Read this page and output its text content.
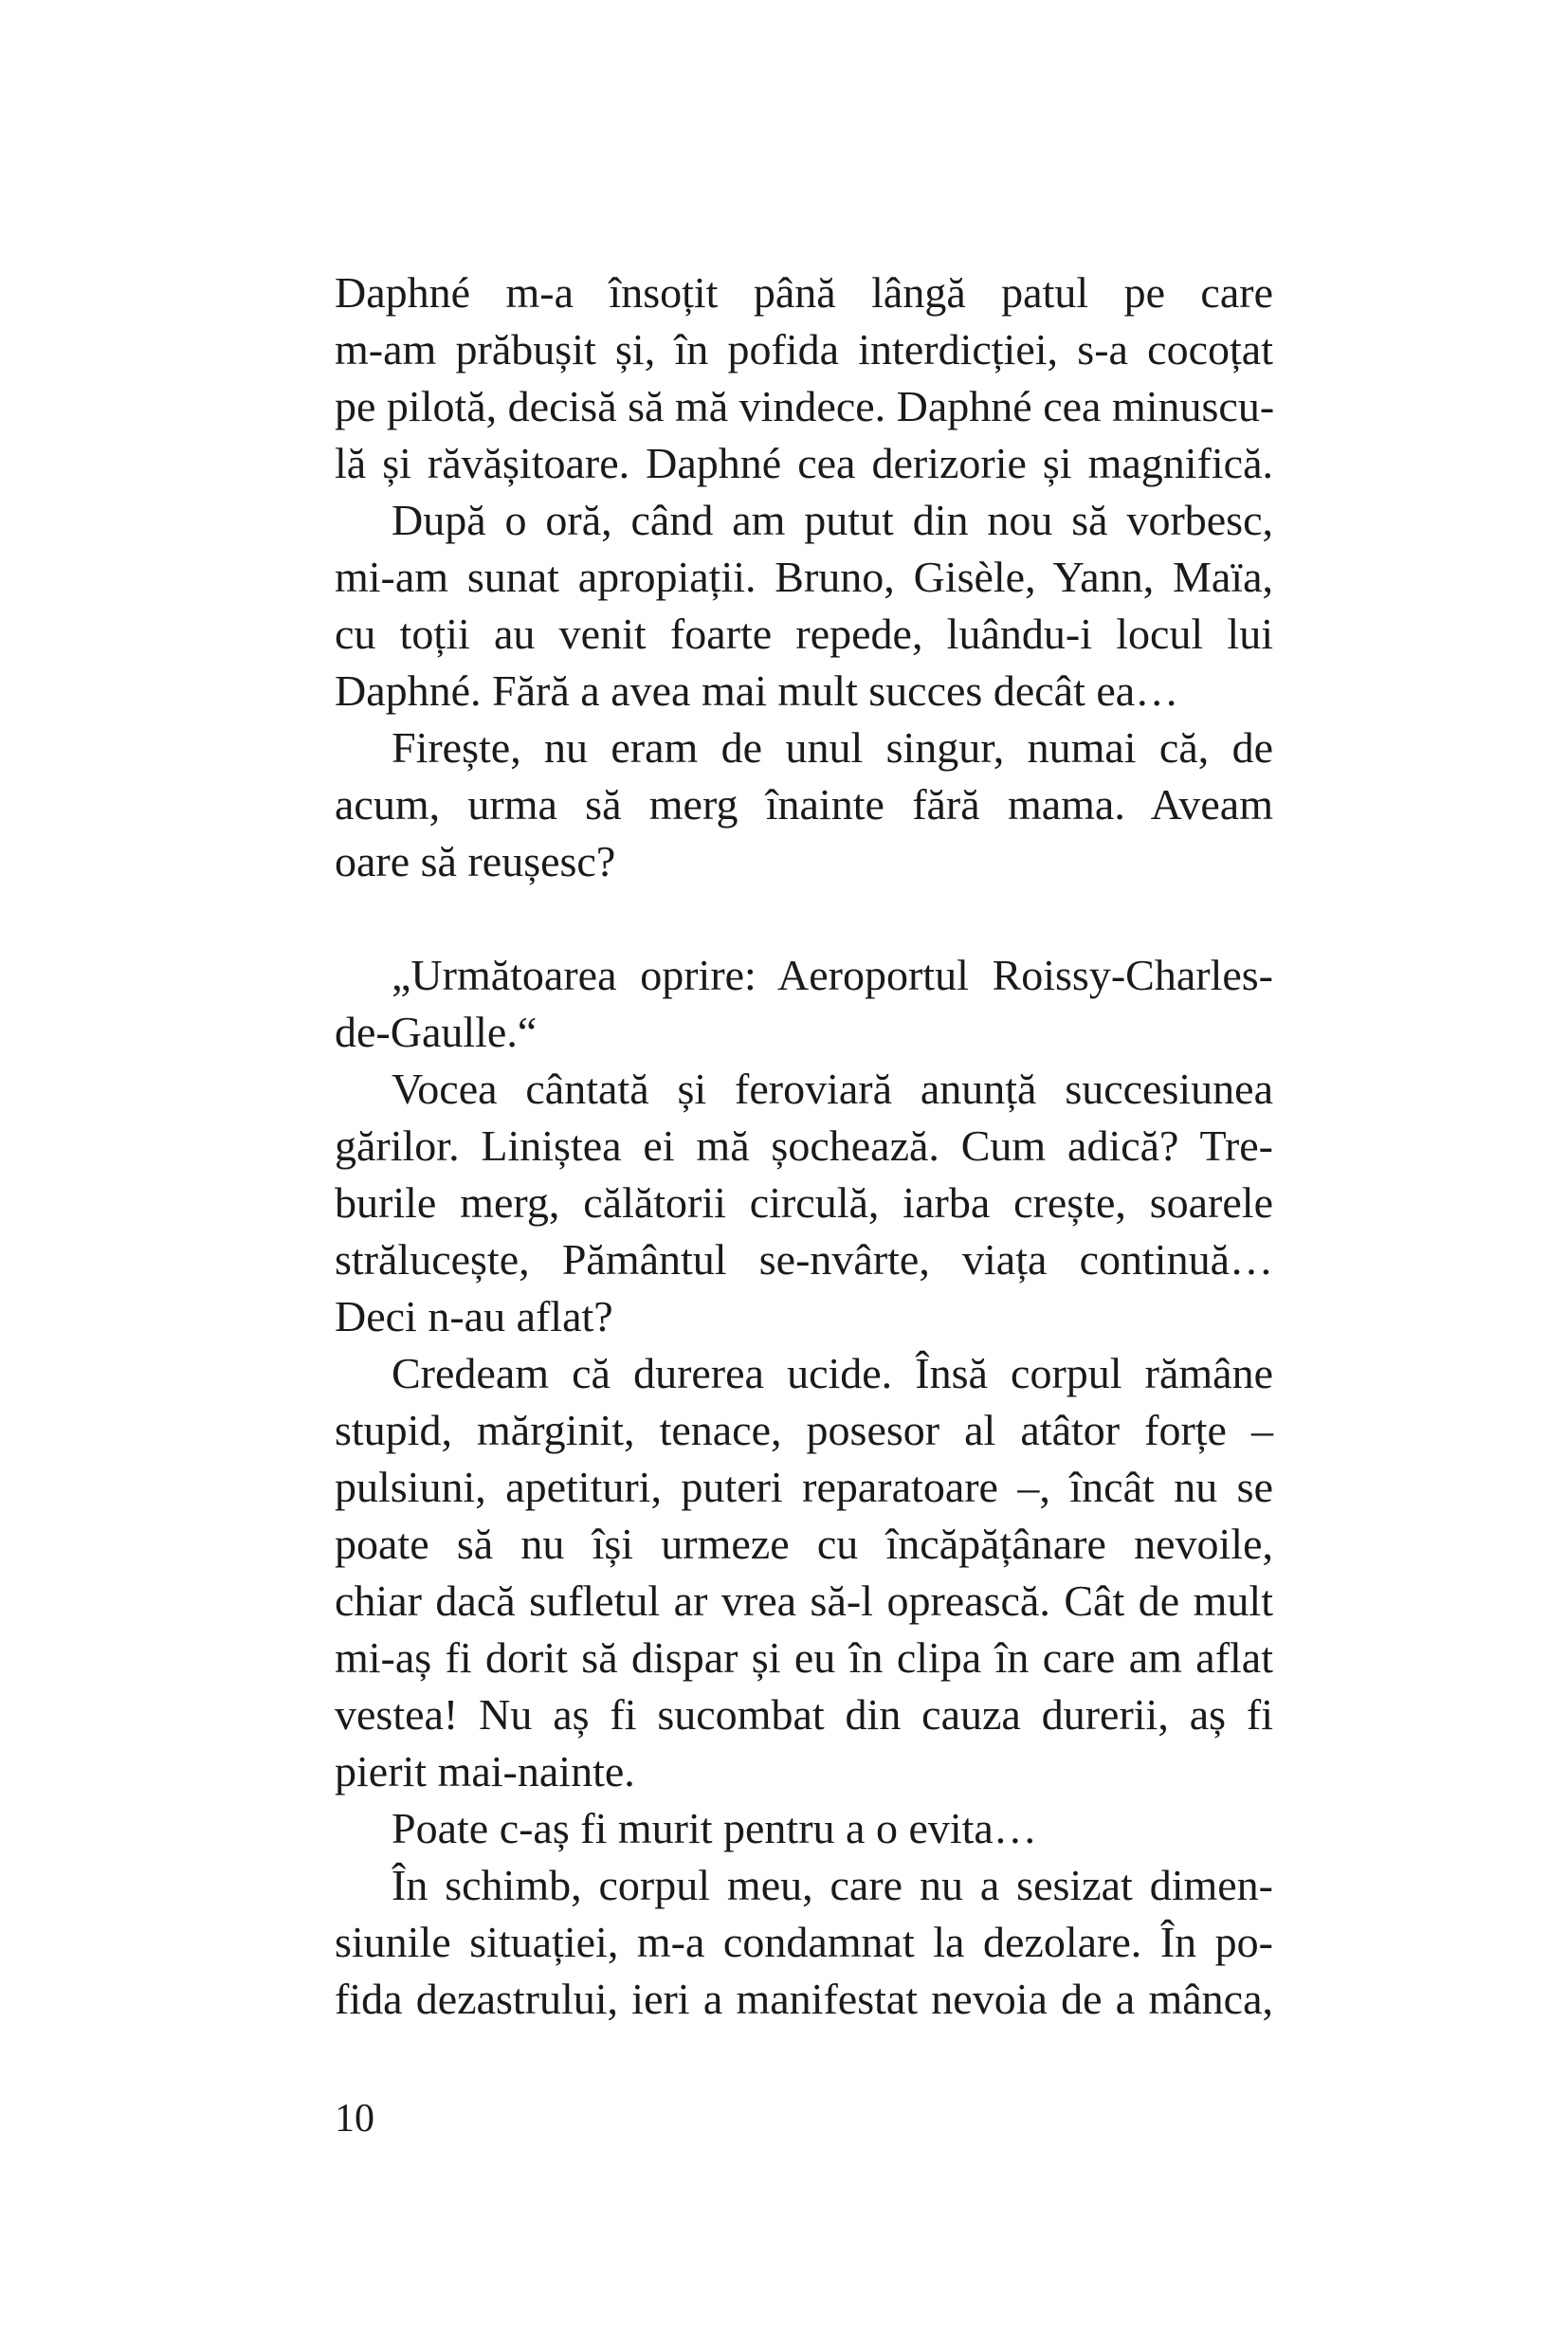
Daphné m-a însoțit până lângă patul pe care
m-am prăbușit și, în pofida interdicției, s-a cocoțat
pe pilotă, decisă să mă vindece. Daphné cea minuscu-
lă și răvășitoare. Daphné cea derizorie și magnifică.
După o oră, când am putut din nou să vorbesc,
mi-am sunat apropiații. Bruno, Gisèle, Yann, Maïa,
cu toții au venit foarte repede, luându-i locul lui
Daphné. Fără a avea mai mult succes decât ea…
Firește, nu eram de unul singur, numai că, de
acum, urma să merg înainte fără mama. Aveam
oare să reușesc?
„Următoarea oprire: Aeroportul Roissy-Charles-
de-Gaulle.“
Vocea cântată și feroviară anunță succesiunea
gărilor. Liniștea ei mă șochează. Cum adică? Tre-
burile merg, călătorii circulă, iarba crește, soarele
strălucește, Pământul se-nvârte, viața continuă…
Deci n-au aflat?
Credeam că durerea ucide. Însă corpul rămâne
stupid, mărginit, tenace, posesor al atâtor forțe –
pulsiuni, apetituri, puteri reparatoare –, încât nu se
poate să nu își urmeze cu încăpățânare nevoile,
chiar dacă sufletul ar vrea să-l oprească. Cât de mult
mi-aș fi dorit să dispar și eu în clipa în care am aflat
vestea! Nu aș fi sucombat din cauza durerii, aș fi
pierit mai-nainte.
Poate c-aș fi murit pentru a o evita…
În schimb, corpul meu, care nu a sesizat dimen-
siunile situației, m-a condamnat la dezolare. În po-
fida dezastrului, ieri a manifestat nevoia de a mânca,
10
